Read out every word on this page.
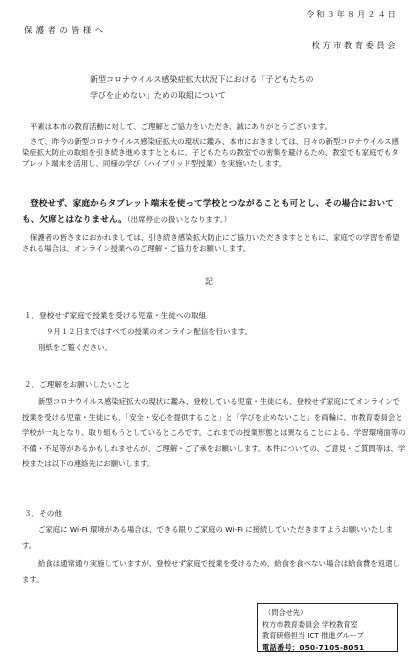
令和３年８月２４日
保護者の皆様へ
枚方市教育委員会
新型コロナウイルス感染症拡大状況下における「子どもたちの
学びを止めない」ための取組について
平素は本市の教育活動に対して、ご理解とご協力をいただき、誠にありがとうございます。
さて、昨今の新型コロナウイルス感染症拡大の現状に鑑み、本市におきましては、日々の新型コロナウイルス感染症拡大防止の取組を引き続き進めますとともに、子どもたちの教室での密集を避けるため、教室でも家庭でもタブレット端末を活用し、同様の学び（ハイブリッド型授業）を実施いたします。
登校せず、家庭からタブレット端末を使って学校とつながることも可とし、その場合においても、欠席とはなりません。（出席停止の扱いとなります。）
保護者の皆さまにおかれましては、引き続き感染拡大防止にご協力いただきますとともに、家庭での学習を希望される場合は、オンライン授業へのご理解・ご協力をお願いします。
記
１．登校せず家庭で授業を受ける児童・生徒への取組
９月１２日まではすべての授業のオンライン配信を行います。
別紙をご覧ください。
２．ご理解をお願いしたいこと
新型コロナウイルス感染症拡大の現状に鑑み、登校している児童・生徒にも、登校せず家庭にてオンラインで授業を受ける児童・生徒にも、「安全・安心を提供すること」と「学びを止めないこと」を両輪に、市教育委員会と学校が一丸となり、取り組もうとしているところです。これまでの授業形態とは異なることによる、学習環境面等の不備・不足等があるかもしれませんが、ご理解・ご了承をお願いします。本件についての、ご意見・ご質問等は、学校または以下の連絡先にお願いします。
３．その他
ご家庭に Wi-Fi 環境がある場合は、できる限りご家庭の Wi-Fi に接続していただきますようお願いいたします。
給食は通常通り実施していますが、登校せず家庭で授業を受けるため、給食を食べない場合は給食費を返還します。
（問合せ先）
枚方市教育委員会 学校教育室
教育研修担当 ICT 推進グループ
電話番号：050-7105-8051
